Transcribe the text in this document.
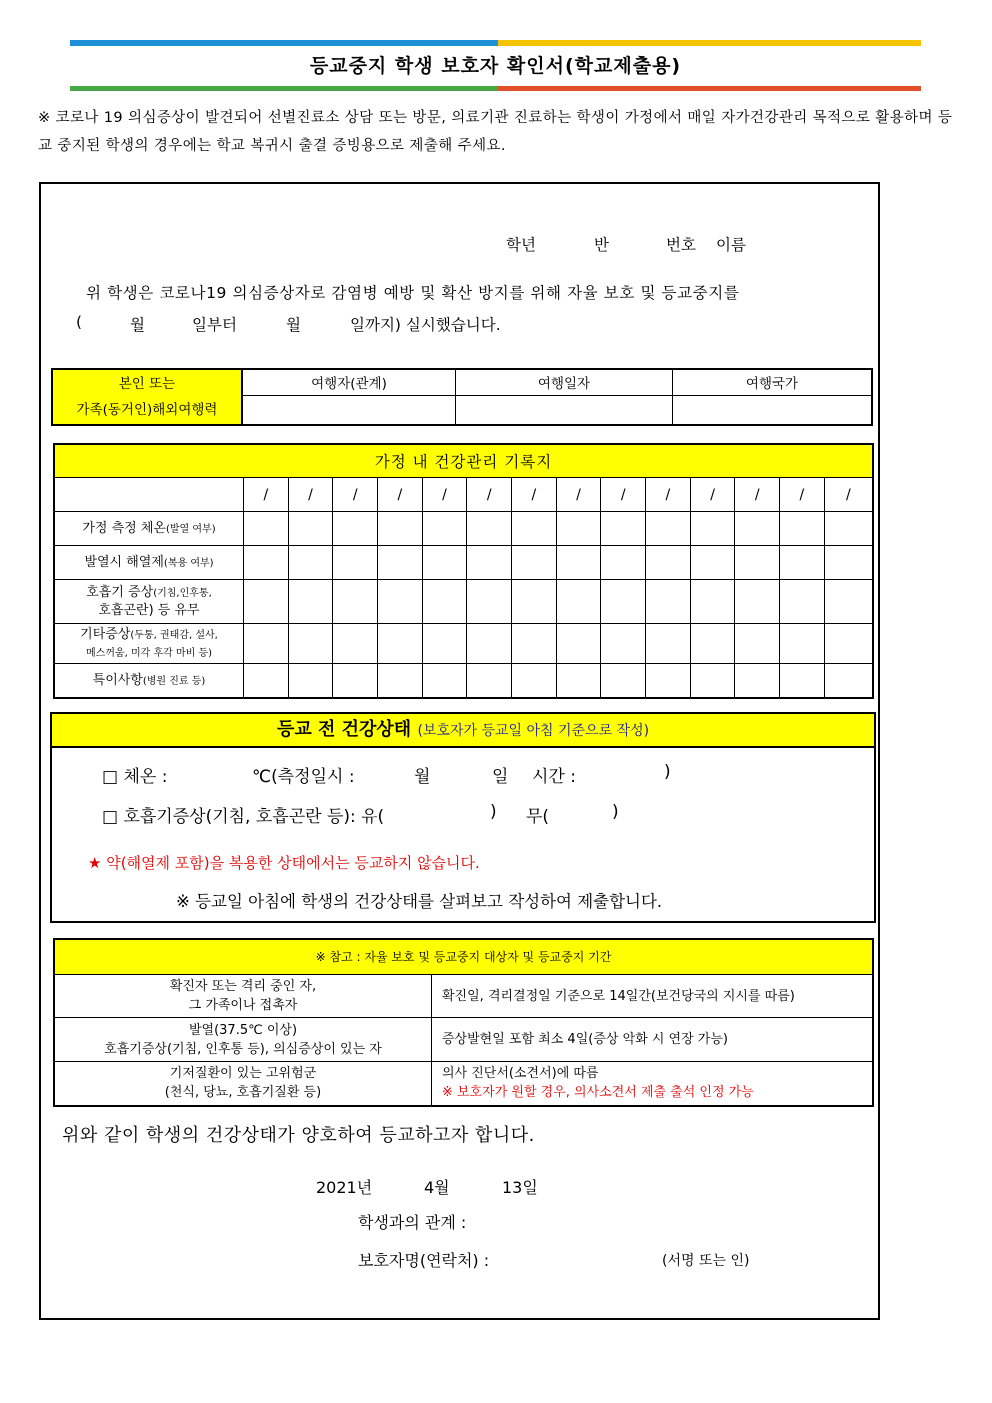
등교중지 학생 보호자 확인서(학교제출용)
※ 코로나 19 의심증상이 발견되어 선별진료소 상담 또는 방문, 의료기관 진료하는 학생이 가정에서 매일 자가건강관리 목적으로 활용하며 등교 중지된 학생의 경우에는 학교 복귀시 출결 증빙용으로 제출해 주세요.
학년	반	번호 이름
위 학생은 코로나19 의심증상자로 감염병 예방 및 확산 방지를 위해 자율 보호 및 등교중지를
(	월	일부터	월	일까지) 실시했습니다.
본인 또는
가족(동거인)해외여행력	여행자(관계)	여행일자	여행국가

가정 내 건강관리 기록지														
	/	/	/	/	/	/	/	/	/	/	/	/	/	/
가정 측정 체온(발열 여부)														
발열시 해열제(복용 여부)														
호흡기 증상(기침,인후통,
호흡곤란) 등 유무														
기타증상(두통, 권태감, 설사,
메스꺼움, 미각 후각 마비 등)														
특이사항(병원 진료 등)														
등교 전 건강상태 (보호자가 등교일 아침 기준으로 작성)
□ 체온 :	℃(측정일시 :	월	일 시간 :	)
□ 호흡기증상(기침, 호흡곤란 등): 유(	) 무(	)
★ 약(해열제 포함)을 복용한 상태에서는 등교하지 않습니다.
※ 등교일 아침에 학생의 건강상태를 살펴보고 작성하여 제출합니다.
※ 참고 : 자율 보호 및 등교중지 대상자 및 등교중지 기간	
확진자 또는 격리 중인 자,
그 가족이나 접촉자	확진일, 격리결정일 기준으로 14일간(보건당국의 지시를 따름)
발열(37.5℃ 이상)
호흡기증상(기침, 인후통 등), 의심증상이 있는 자	증상발현일 포함 최소 4일(증상 악화 시 연장 가능)
기저질환이 있는 고위험군
(천식, 당뇨, 호흡기질환 등)	의사 진단서(소견서)에 따름
※ 보호자가 원할 경우, 의사소견서 제출 출석 인정 가능
위와 같이 학생의 건강상태가 양호하여 등교하고자 합니다.
2021년	4월	13일
학생과의 관계 :
보호자명(연락처) :	(서명 또는 인)
